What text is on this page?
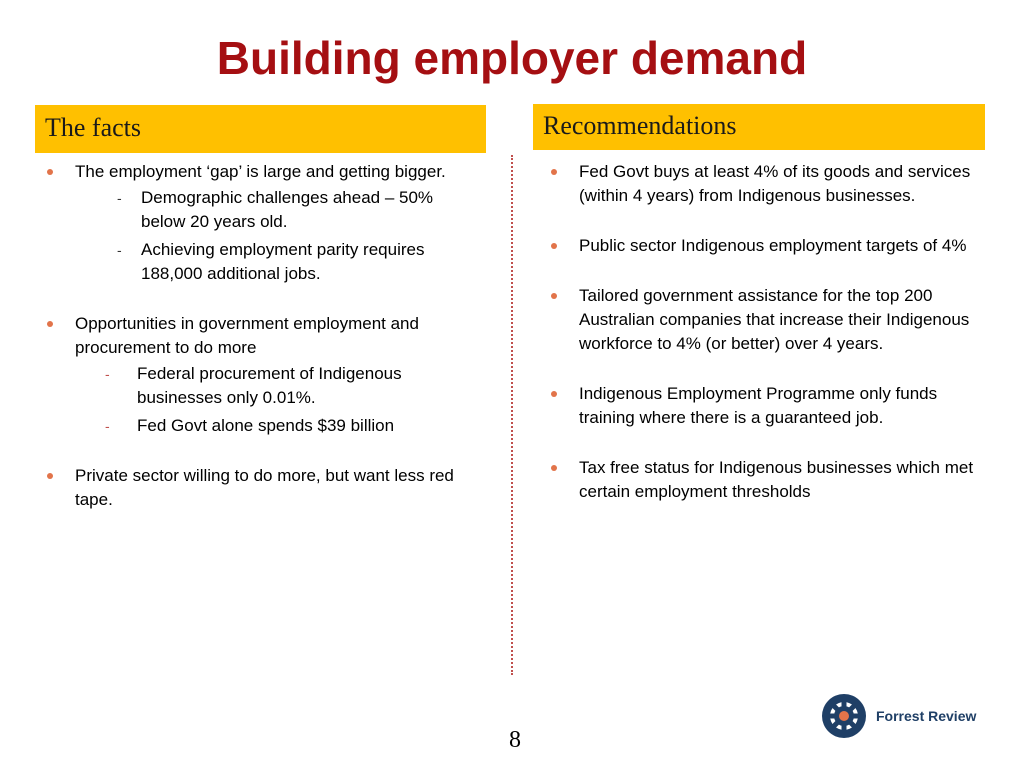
Building employer demand
The facts	Recommendations
The employment ‘gap’ is large and getting bigger.
- Demographic challenges ahead – 50% below 20 years old.
- Achieving employment parity requires 188,000 additional jobs.
Opportunities in government employment and procurement to do more
- Federal procurement of Indigenous businesses only 0.01%.
- Fed Govt alone spends $39 billion
Private sector willing to do more, but want less red tape.
Fed Govt buys at least 4% of its goods and services (within 4 years) from Indigenous businesses.
Public sector Indigenous employment targets of 4%
Tailored government assistance for the top 200 Australian companies that increase their Indigenous workforce to 4% (or better) over 4 years.
Indigenous Employment Programme only funds training where there is a guaranteed job.
Tax free status for Indigenous businesses which met certain employment thresholds
Forrest Review
8
